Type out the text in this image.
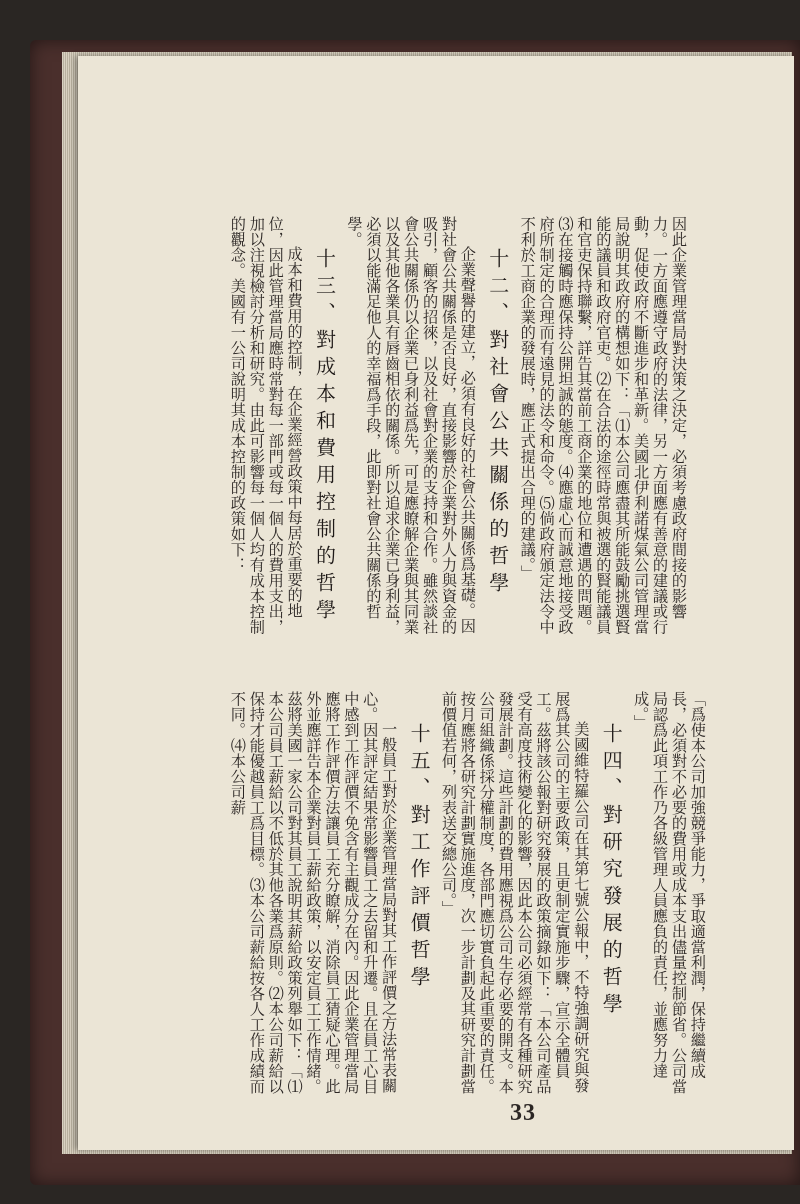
因此企業管理當局對決策之決定，必須考慮政府間接的影響力。一方面應遵守政府的法律，另一方面應有善意的建議或行動，促使政府不斷進步和革新。美國北伊利諾煤氣公司管理當局說明其政府的構想如下：「⑴本公司應盡其所能鼓勵挑選賢能的議員和政府官吏。⑵在合法的途徑時常與被選的賢能議員和官吏保持聯繫，詳告其當前工商企業的地位和遭遇的問題。⑶在接觸時應保持公開坦誠的態度。⑷應虛心而誠意地接受政府所制定的合理而有遠見的法令和命令。⑸倘政府頒定法令中不利於工商企業的發展時，應正式提出合理的建議。」

十二、對社會公共關係的哲學

企業聲譽的建立，必須有良好的社會公共關係爲基礎。因對社會公共關係是否良好，直接影響於企業對外人力與資金的吸引，顧客的招徠，以及社會對企業的支持和合作。雖然談社會公共關係仍以企業已身利益爲先，可是應瞭解企業與其同業以及其他各業具有唇齒相依的關係。所以追求企業已身利益，必須以能滿足他人的幸福爲手段，此即對社會公共關係的哲學。

十三、對成本和費用控制的哲學

成本和費用的控制，在企業經營政策中每居於重要的地位，因此管理當局應時常對每一部門或每一個人的費用支出，加以注視檢討分析和研究。由此可影響每一個人均有成本控制的觀念。美國有一公司說明其成本控制的政策如下：

「爲使本公司加強競爭能力，爭取適當利潤，保持繼續成長，必須對不必要的費用或成本支出儘量控制節省。公司當局認爲此項工作乃各級管理人員應負的責任，並應努力達成。」

十四、對研究發展的哲學

美國維特羅公司在其第七號公報中，不特強調研究與發展爲其公司的主要政策，且更制定實施步驟，宣示全體員工。茲將該公報對研究發展的政策摘錄如下：「本公司產品受有高度技術變化的影響，因此本公司必須經常有各種研究發展計劃。這些計劃的費用應視爲公司生存必要的開支。本公司組織係採分權制度，各部門應切實負起此重要的責任。按月應將各研究計劃實施進度，次一步計劃及其研究計劃當前價值若何，列表送交總公司。」

十五、對工作評價哲學

一般員工對於企業管理當局對其工作評價之方法常表關心。因其評定結果常影響員工之去留和升遷。且在員工心目中感到工作評價不免含有主觀成分在內。因此企業管理當局應將工作評價方法讓員工充分瞭解，消除員工猜疑心理。此外並應詳告本企業對員工薪給政策，以安定員工工作情緒。茲將美國一家公司對其員工說明其薪給政策列舉如下：「⑴本公司員工薪給以不低於其他各業爲原則。⑵本公司薪給以保持才能優越員工爲目標。⑶本公司薪給按各人工作成績而不同。⑷本公司薪

33
